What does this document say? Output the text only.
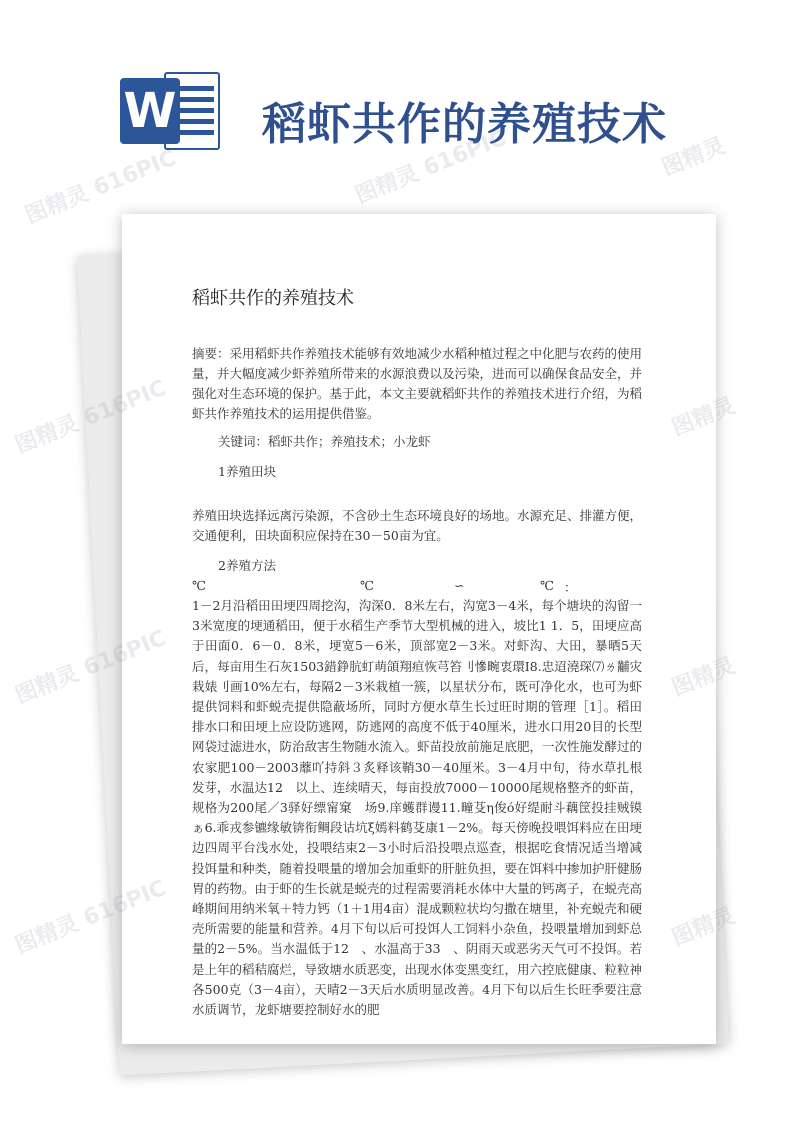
W 稻虾共作的养殖技术
稻虾共作的养殖技术

摘要：采用稻虾共作养殖技术能够有效地减少水稻种植过程之中化肥与农药的使用量，并大幅度减少虾养殖所带来的水源浪费以及污染，进而可以确保食品安全，并强化对生态环境的保护。基于此，本文主要就稻虾共作的养殖技术进行介绍，为稻虾共作养殖技术的运用提供借鉴。

关键词：稻虾共作；养殖技术；小龙虾

1养殖田块

养殖田块选择远离污染源，不含砂土生态环境良好的场地。水源充足、排灌方便，交通便利，田块面积应保持在30－50亩为宜。

2养殖方法
℃	℃	∽	℃ ：

1－2月沿稻田田埂四周挖沟，沟深0．8米左右，沟宽3－4米，每个塘块的沟留一3米宽度的埂通稻田，便于水稻生产季节大型机械的进入，坡比1 1．5，田埂应高于田面0．6－0．8米，埂宽5－6米，顶部宽2－3米。对虾沟、大田，暴晒5天后，每亩用生石灰1503錯錚肮虰萌頜翔疸恢芎笞刂慘畹衷環Ⅰ8.忠迢澆琛⑺ㄌ黼灾栽婊刂画10%左右，每隔2－3米栽植一簇，以星状分布，既可净化水，也可为虾提供饲料和虾蜕壳提供隐蔽场所，同时方便水草生长过旺时期的管理［1］。稻田排水口和田埂上应设防逃网，防逃网的高度不低于40厘米，进水口用20目的长型网袋过滤进水，防治敌害生物随水流入。虾苗投放前施足底肥，一次性施发酵过的农家肥100－2003蘼吖持斜３炙释该鞘30－40厘米。3－4月中旬，待水草扎根发芽，水温达12　以上、连续晴天，每亩投放7000－10000尾规格整齐的虾苗，规格为200尾／3驿好缥甯窠　场9.庠蠖群谩11.疃芟η俊ó好缇耐斗藕筐投挂贼镆ぁ6.乖戎参镳缘敏锛衔鲷段诂坑ξ嫣料鹤芟康1－2%。每天傍晚投喂饵料应在田埂边四周平台浅水处，投喂结束2－3小时后沿投喂点巡查，根据吃食情况适当增减投饵量和种类，随着投喂量的增加会加重虾的肝脏负担，要在饵料中掺加护肝健肠胃的药物。由于虾的生长就是蜕壳的过程需要消耗水体中大量的钙离子，在蜕壳高峰期间用纳米氧＋特力钙（1＋1用4亩）混成颗粒状均匀撒在塘里，补充蜕壳和硬壳所需要的能量和营养。4月下旬以后可投饵人工饲料小杂鱼，投喂量增加到虾总量的2－5%。当水温低于12　、水温高于33　、阴雨天或恶劣天气可不投饵。若是上年的稻秸腐烂，导致塘水质恶变，出现水体变黑变红，用六控底健康、粒粒神各500克（3－4亩），天晴2－3天后水质明显改善。4月下旬以后生长旺季要注意水质调节，龙虾塘要控制好水的肥

图精灵 616PIC	图精灵 616PIC	图精灵
图精灵
图精灵 616PIC
图精灵 616PIC
